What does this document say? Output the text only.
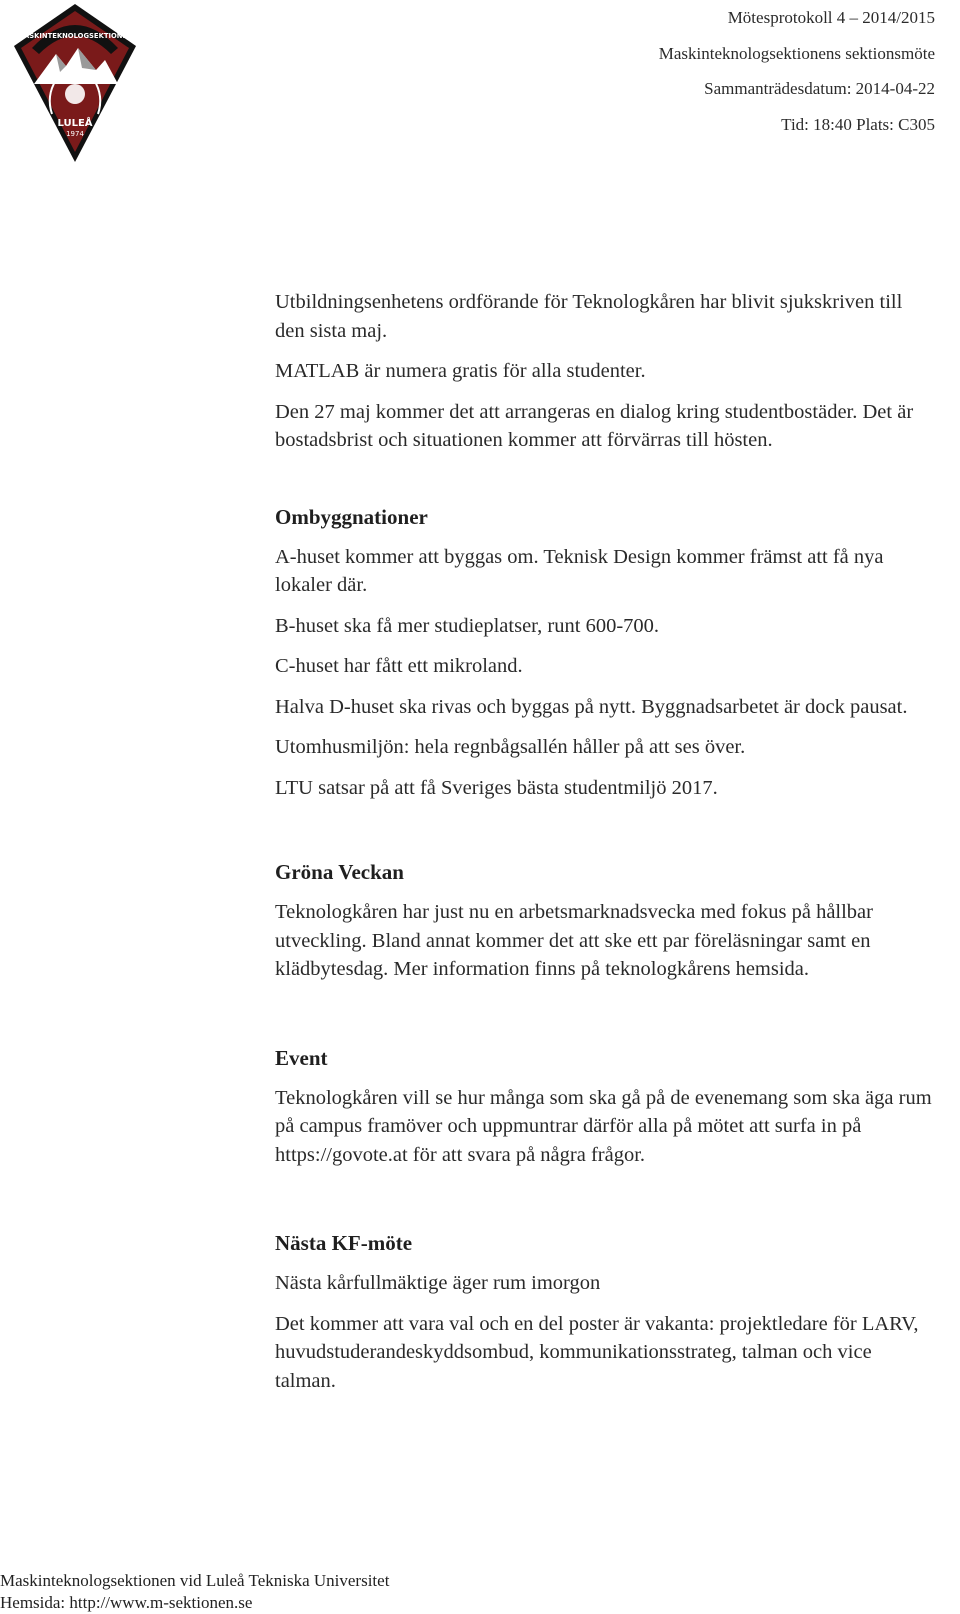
MASKINTEKNOLOGSEKTIONEN
LULEÅ
1974
Mötesprotokoll 4 – 2014/2015
Maskinteknologsektionens sektionsmöte
Sammanträdesdatum: 2014-04-22
Tid: 18:40 Plats: C305

Utbildningsenhetens ordförande för Teknologkåren har blivit sjukskriven till den sista maj.

MATLAB är numera gratis för alla studenter.

Den 27 maj kommer det att arrangeras en dialog kring studentbostäder. Det är bostadsbrist och situationen kommer att förvärras till hösten.

Ombyggnationer

A-huset kommer att byggas om. Teknisk Design kommer främst att få nya lokaler där.

B-huset ska få mer studieplatser, runt 600-700.

C-huset har fått ett mikroland.

Halva D-huset ska rivas och byggas på nytt. Byggnadsarbetet är dock pausat.

Utomhusmiljön: hela regnbågsallén håller på att ses över.

LTU satsar på att få Sveriges bästa studentmiljö 2017.

Gröna Veckan

Teknologkåren har just nu en arbetsmarknadsvecka med fokus på hållbar utveckling. Bland annat kommer det att ske ett par föreläsningar samt en klädbytesdag. Mer information finns på teknologkårens hemsida.

Event

Teknologkåren vill se hur många som ska gå på de evenemang som ska äga rum på campus framöver och uppmuntrar därför alla på mötet att surfa in på https://govote.at för att svara på några frågor.

Nästa KF-möte

Nästa kårfullmäktige äger rum imorgon

Det kommer att vara val och en del poster är vakanta: projektledare för LARV, huvudstuderandeskyddsombud, kommunikationsstrateg, talman och vice talman.

Maskinteknologsektionen vid Luleå Tekniska Universitet
Hemsida: http://www.m-sektionen.se
